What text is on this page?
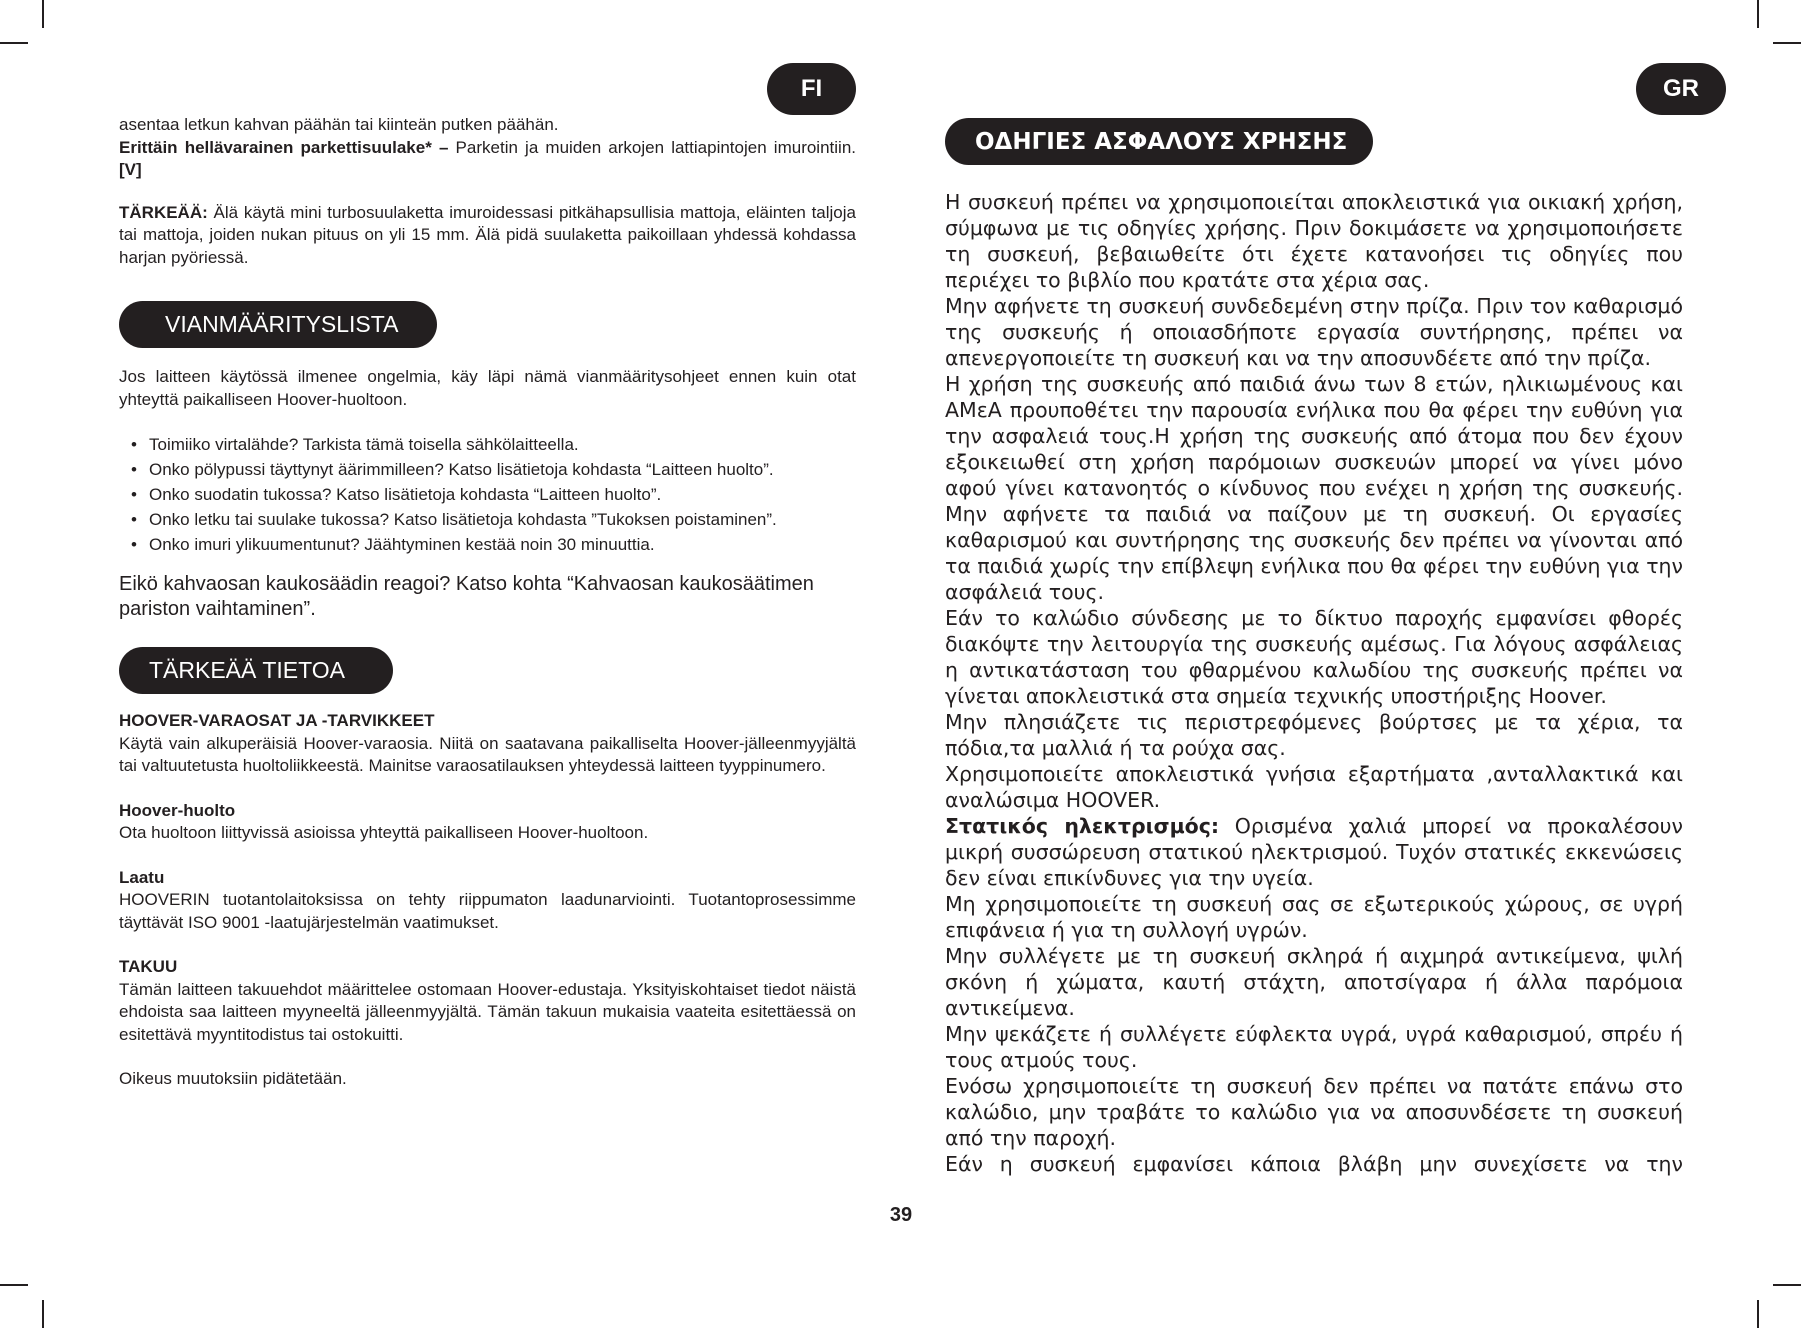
FI	GR

asentaa letkun kahvan päähän tai kiinteän putken päähän.

Erittäin hellävarainen parkettisuulake* – Parketin ja muiden arkojen lattiapintojen imurointiin. [V]

TÄRKEÄÄ: Älä käytä mini turbosuulaketta imuroidessasi pitkähapsullisia mattoja, eläinten taljoja tai mattoja, joiden nukan pituus on yli 15 mm. Älä pidä suulaketta paikoillaan yhdessä kohdassa harjan pyöriessä.

VIANMÄÄRITYSLISTA

Jos laitteen käytössä ilmenee ongelmia, käy läpi nämä vianmääritysohjeet ennen kuin otat yhteyttä paikalliseen Hoover-huoltoon.

• Toimiiko virtalähde? Tarkista tämä toisella sähkölaitteella.
• Onko pölypussi täyttynyt äärimmilleen? Katso lisätietoja kohdasta “Laitteen huolto”.
• Onko suodatin tukossa? Katso lisätietoja kohdasta “Laitteen huolto”.
• Onko letku tai suulake tukossa? Katso lisätietoja kohdasta ”Tukoksen poistaminen”.
• Onko imuri ylikuumentunut? Jäähtyminen kestää noin 30 minuuttia.

Eikö kahvaosan kaukosäädin reagoi? Katso kohta “Kahvaosan kaukosäätimen pariston vaihtaminen”.

TÄRKEÄÄ TIETOA

HOOVER-VARAOSAT JA -TARVIKKEET

Käytä vain alkuperäisiä Hoover-varaosia. Niitä on saatavana paikalliselta Hoover-jälleenmyyjältä tai valtuutetusta huoltoliikkeestä. Mainitse varaosatilauksen yhteydessä laitteen tyyppinumero.

Hoover-huolto

Ota huoltoon liittyvissä asioissa yhteyttä paikalliseen Hoover-huoltoon.

Laatu

HOOVERIN tuotantolaitoksissa on tehty riippumaton laadunarviointi. Tuotantoprosessimme täyttävät ISO 9001 -laatujärjestelmän vaatimukset.

TAKUU

Tämän laitteen takuuehdot määrittelee ostomaan Hoover-edustaja. Yksityiskohtaiset tiedot näistä ehdoista saa laitteen myyneeltä jälleenmyyjältä. Tämän takuun mukaisia vaateita esitettäessä on esitettävä myyntitodistus tai ostokuitti.

Oikeus muutoksiin pidätetään.

ΟΔΗΓΙΕΣ ΑΣΦΑΛΟΥΣ ΧΡΗΣΗΣ

Η συσκευή πρέπει να χρησιμοποιείται αποκλειστικά για οικιακή χρήση, σύμφωνα με τις οδηγίες χρήσης. Πριν δοκιμάσετε να χρησιμοποιήσετε τη συσκευή, βεβαιωθείτε ότι έχετε κατανοήσει τις οδηγίες που περιέχει το βιβλίο που κρατάτε στα χέρια σας.

Μην αφήνετε τη συσκευή συνδεδεμένη στην πρίζα. Πριν τον καθαρισμό της συσκευής ή οποιασδήποτε εργασία συντήρησης, πρέπει να απενεργοποιείτε τη συσκευή και να την αποσυνδέετε από την πρίζα.

Η χρήση της συσκευής από παιδιά άνω των 8 ετών, ηλικιωμένους και ΑΜεΑ προυποθέτει την παρουσία ενήλικα που θα φέρει την ευθύνη για την ασφαλειά τους.Η χρήση της συσκευής από άτομα που δεν έχουν εξοικειωθεί στη χρήση παρόμοιων συσκευών μπορεί να γίνει μόνο αφού γίνει κατανοητός ο κίνδυνος που ενέχει η χρήση της συσκευής. Μην αφήνετε τα παιδιά να παίζουν με τη συσκευή. Οι εργασίες καθαρισμού και συντήρησης της συσκευής δεν πρέπει να γίνονται από τα παιδιά χωρίς την επίβλεψη ενήλικα που θα φέρει την ευθύνη για την ασφάλειά τους.

Εάν το καλώδιο σύνδεσης με το δίκτυο παροχής εμφανίσει φθορές διακόψτε την λειτουργία της συσκευής αμέσως. Για λόγους ασφάλειας η αντικατάσταση του φθαρμένου καλωδίου της συσκευής πρέπει να γίνεται αποκλειστικά στα σημεία τεχνικής υποστήριξης Hoover.

Μην πλησιάζετε τις περιστρεφόμενες βούρτσες με τα χέρια, τα πόδια,τα μαλλιά ή τα ρούχα σας.

Χρησιμοποιείτε αποκλειστικά γνήσια εξαρτήματα ,ανταλλακτικά και αναλώσιμα HOOVER.

Στατικός ηλεκτρισμός: Ορισμένα χαλιά μπορεί να προκαλέσουν μικρή συσσώρευση στατικού ηλεκτρισμού. Τυχόν στατικές εκκενώσεις δεν είναι επικίνδυνες για την υγεία.

Μη χρησιμοποιείτε τη συσκευή σας σε εξωτερικούς χώρους, σε υγρή επιφάνεια ή για τη συλλογή υγρών.

Μην συλλέγετε με τη συσκευή σκληρά ή αιχμηρά αντικείμενα, ψιλή σκόνη ή χώματα, καυτή στάχτη, αποτσίγαρα ή άλλα παρόμοια αντικείμενα.

Μην ψεκάζετε ή συλλέγετε εύφλεκτα υγρά, υγρά καθαρισμού, σπρέυ ή τους ατμούς τους.

Ενόσω χρησιμοποιείτε τη συσκευή δεν πρέπει να πατάτε επάνω στο καλώδιο, μην τραβάτε το καλώδιο για να αποσυνδέσετε τη συσκευή από την παροχή.

Εάν η συσκευή εμφανίσει κάποια βλάβη μην συνεχίσετε να την

39
